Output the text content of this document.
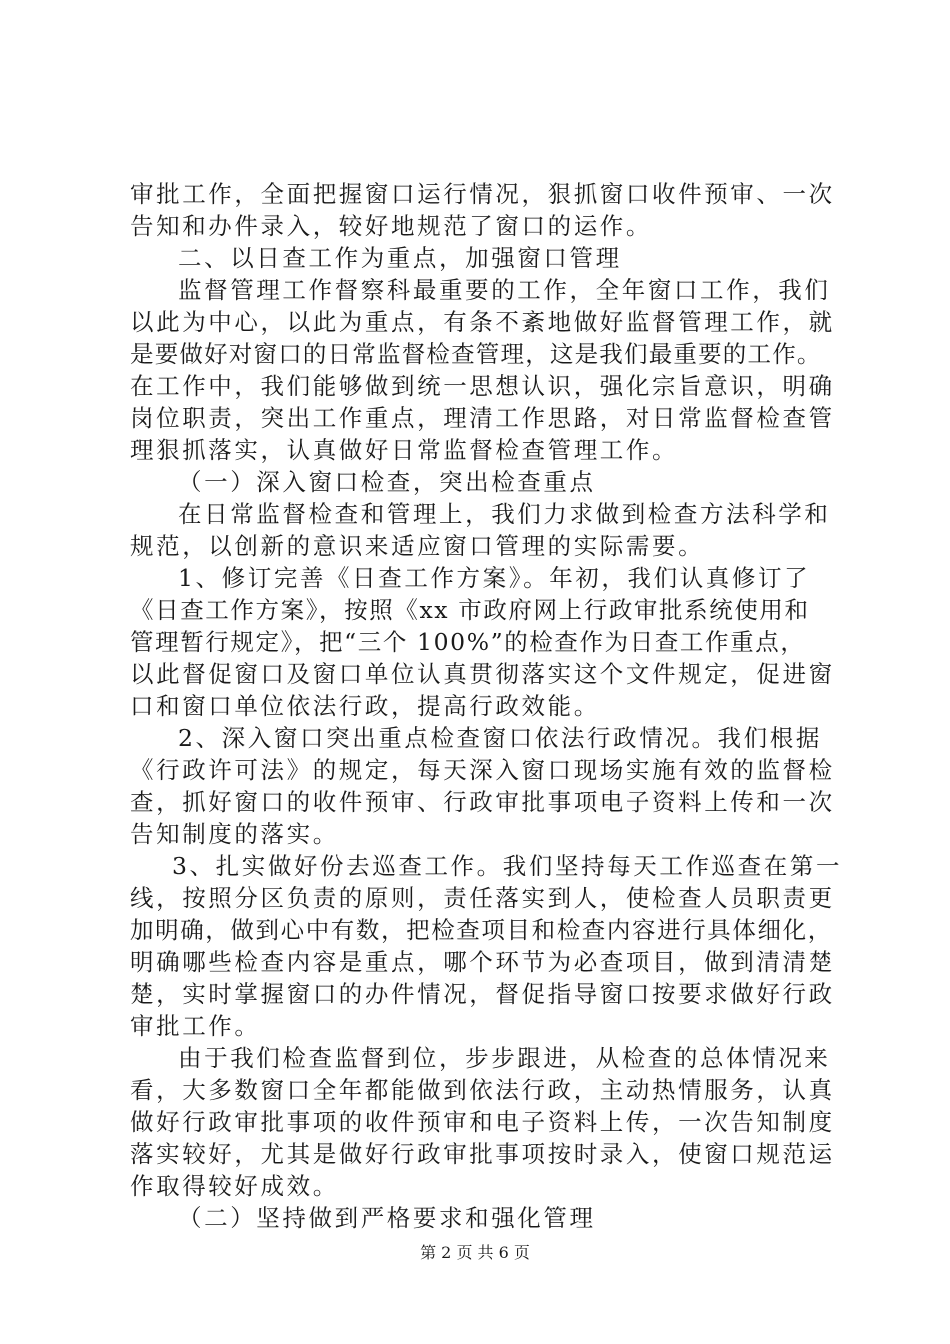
审批工作，全面把握窗口运行情况，狠抓窗口收件预审、一次
告知和办件录入，较好地规范了窗口的运作。
二、以日查工作为重点，加强窗口管理
监督管理工作督察科最重要的工作，全年窗口工作，我们
以此为中心，以此为重点，有条不紊地做好监督管理工作，就
是要做好对窗口的日常监督检查管理，这是我们最重要的工作。
在工作中，我们能够做到统一思想认识，强化宗旨意识，明确
岗位职责，突出工作重点，理清工作思路，对日常监督检查管
理狠抓落实，认真做好日常监督检查管理工作。
（一）深入窗口检查，突出检查重点
在日常监督检查和管理上，我们力求做到检查方法科学和
规范，以创新的意识来适应窗口管理的实际需要。
1、修订完善《日查工作方案》。年初，我们认真修订了
《日查工作方案》，按照《xx 市政府网上行政审批系统使用和
管理暂行规定》，把“三个 100%”的检查作为日查工作重点，
以此督促窗口及窗口单位认真贯彻落实这个文件规定，促进窗
口和窗口单位依法行政，提高行政效能。
2、深入窗口突出重点检查窗口依法行政情况。我们根据
《行政许可法》的规定，每天深入窗口现场实施有效的监督检
查，抓好窗口的收件预审、行政审批事项电子资料上传和一次
告知制度的落实。
3、扎实做好份去巡查工作。我们坚持每天工作巡查在第一
线，按照分区负责的原则，责任落实到人，使检查人员职责更
加明确，做到心中有数，把检查项目和检查内容进行具体细化，
明确哪些检查内容是重点，哪个环节为必查项目，做到清清楚
楚，实时掌握窗口的办件情况，督促指导窗口按要求做好行政
审批工作。
由于我们检查监督到位，步步跟进，从检查的总体情况来
看，大多数窗口全年都能做到依法行政，主动热情服务，认真
做好行政审批事项的收件预审和电子资料上传，一次告知制度
落实较好，尤其是做好行政审批事项按时录入，使窗口规范运
作取得较好成效。
（二）坚持做到严格要求和强化管理
第 2 页 共 6 页
